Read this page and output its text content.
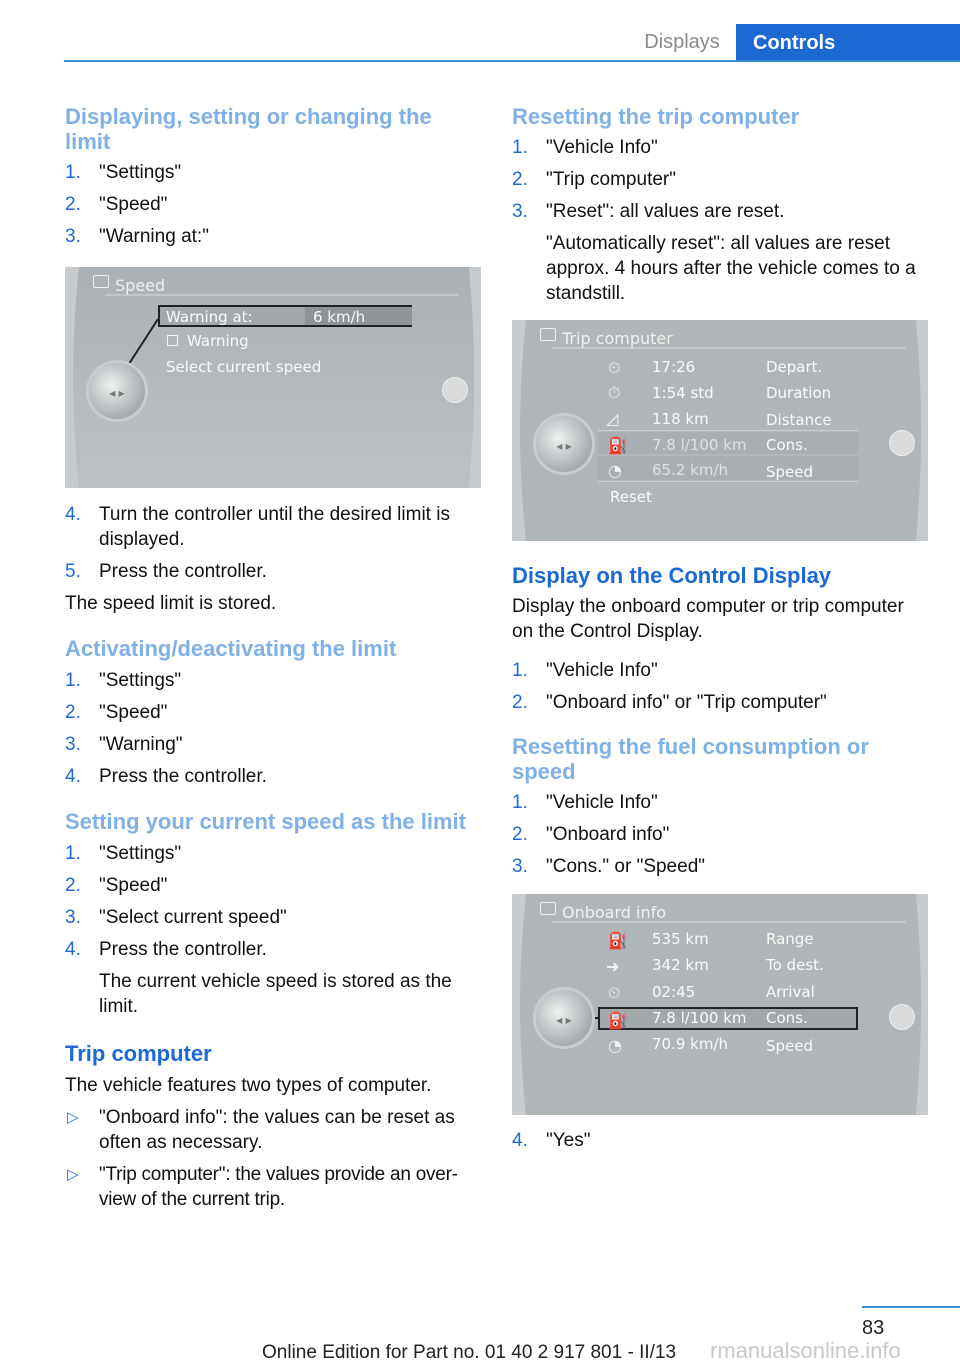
Displays	Controls
Displaying, setting or changing the limit
1. "Settings"
2. "Speed"
3. "Warning at:"
Speed
Warning at:	6 km/h
Warning
Select current speed
◂ ▸
4. Turn the controller until the desired limit is displayed.
5. Press the controller.

The speed limit is stored.

Activating/deactivating the limit
1. "Settings"
2. "Speed"
3. "Warning"
4. Press the controller.
Setting your current speed as the limit
1. "Settings"
2. "Speed"
3. "Select current speed"
4. Press the controller.
The current vehicle speed is stored as the limit.
Trip computer

The vehicle features two types of computer.

▷ "Onboard info": the values can be reset as often as necessary.
▷ "Trip computer": the values provide an overview of the current trip.
Resetting the trip computer
1. "Vehicle Info"
2. "Trip computer"
3. "Reset": all values are reset.
"Automatically reset": all values are reset approx. 4 hours after the vehicle comes to a standstill.
Trip computer
⏲
⏱
◿
⛽
◔
17:26	Depart.
1:54 std	Duration
118 km	Distance
7.8 l/100 km Cons.
65.2 km/h	Speed
Reset
◂ ▸
Display on the Control Display

Display the onboard computer or trip computer on the Control Display.

1. "Vehicle Info"
2. "Onboard info" or "Trip computer"
Resetting the fuel consumption or speed
1. "Vehicle Info"
2. "Onboard info"
3. "Cons." or "Speed"
Onboard info
⛽
➜
⏲
⛽
◔
535 km	Range
342 km	To dest.
02:45	Arrival
7.8 l/100 km Cons.
70.9 km/h	Speed
◂ ▸
4. "Yes"
83
Online Edition for Part no. 01 40 2 917 801 - II/13 rmanualsonline.info
